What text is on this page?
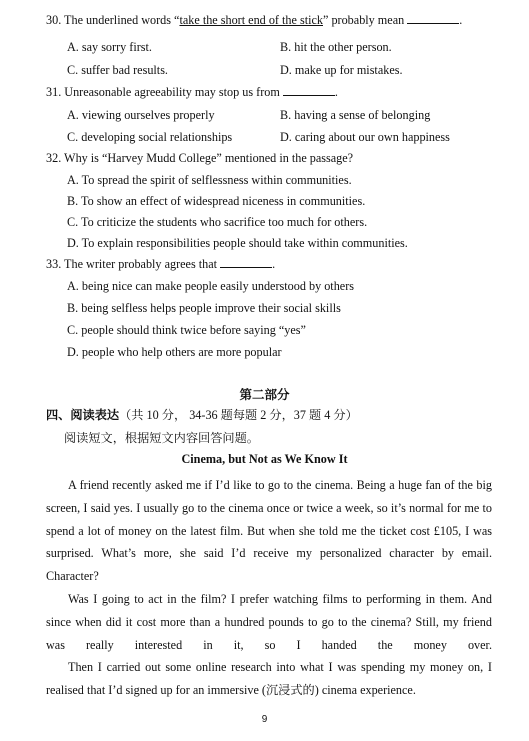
30. The underlined words “take the short end of the stick” probably mean	.
A. say sorry first.	B. hit the other person.
C. suffer bad results.	D. make up for mistakes.
31. Unreasonable agreeability may stop us from	.
A. viewing ourselves properly	B. having a sense of belonging
C. developing social relationships	D. caring about our own happiness
32. Why is “Harvey Mudd College” mentioned in the passage?
A. To spread the spirit of selflessness within communities.
B. To show an effect of widespread niceness in communities.
C. To criticize the students who sacrifice too much for others.
D. To explain responsibilities people should take within communities.
33. The writer probably agrees that	.
A. being nice can make people easily understood by others
B. being selfless helps people improve their social skills
C. people should think twice before saying “yes”
D. people who help others are more popular
第二部分
四、阅读表达（共 10 分， 34-36 题每题 2 分，37 题 4 分）
阅读短文，根据短文内容回答问题。
Cinema, but Not as We Know It
A friend recently asked me if I’d like to go to the cinema. Being a huge fan of the big screen, I said yes. I usually go to the cinema once or twice a week, so it’s normal for me to spend a lot of money on the latest film. But when she told me the ticket cost £105, I was surprised. What’s more, she said I’d receive my personalized character by email. Character?
Was I going to act in the film? I prefer watching films to performing in them. And since when did it cost more than a hundred pounds to go to the cinema? Still, my friend was really interested in it, so I handed the money over.
Then I carried out some online research into what I was spending my money on, I realised that I’d signed up for an immersive (沉浸式的) cinema experience.
9
